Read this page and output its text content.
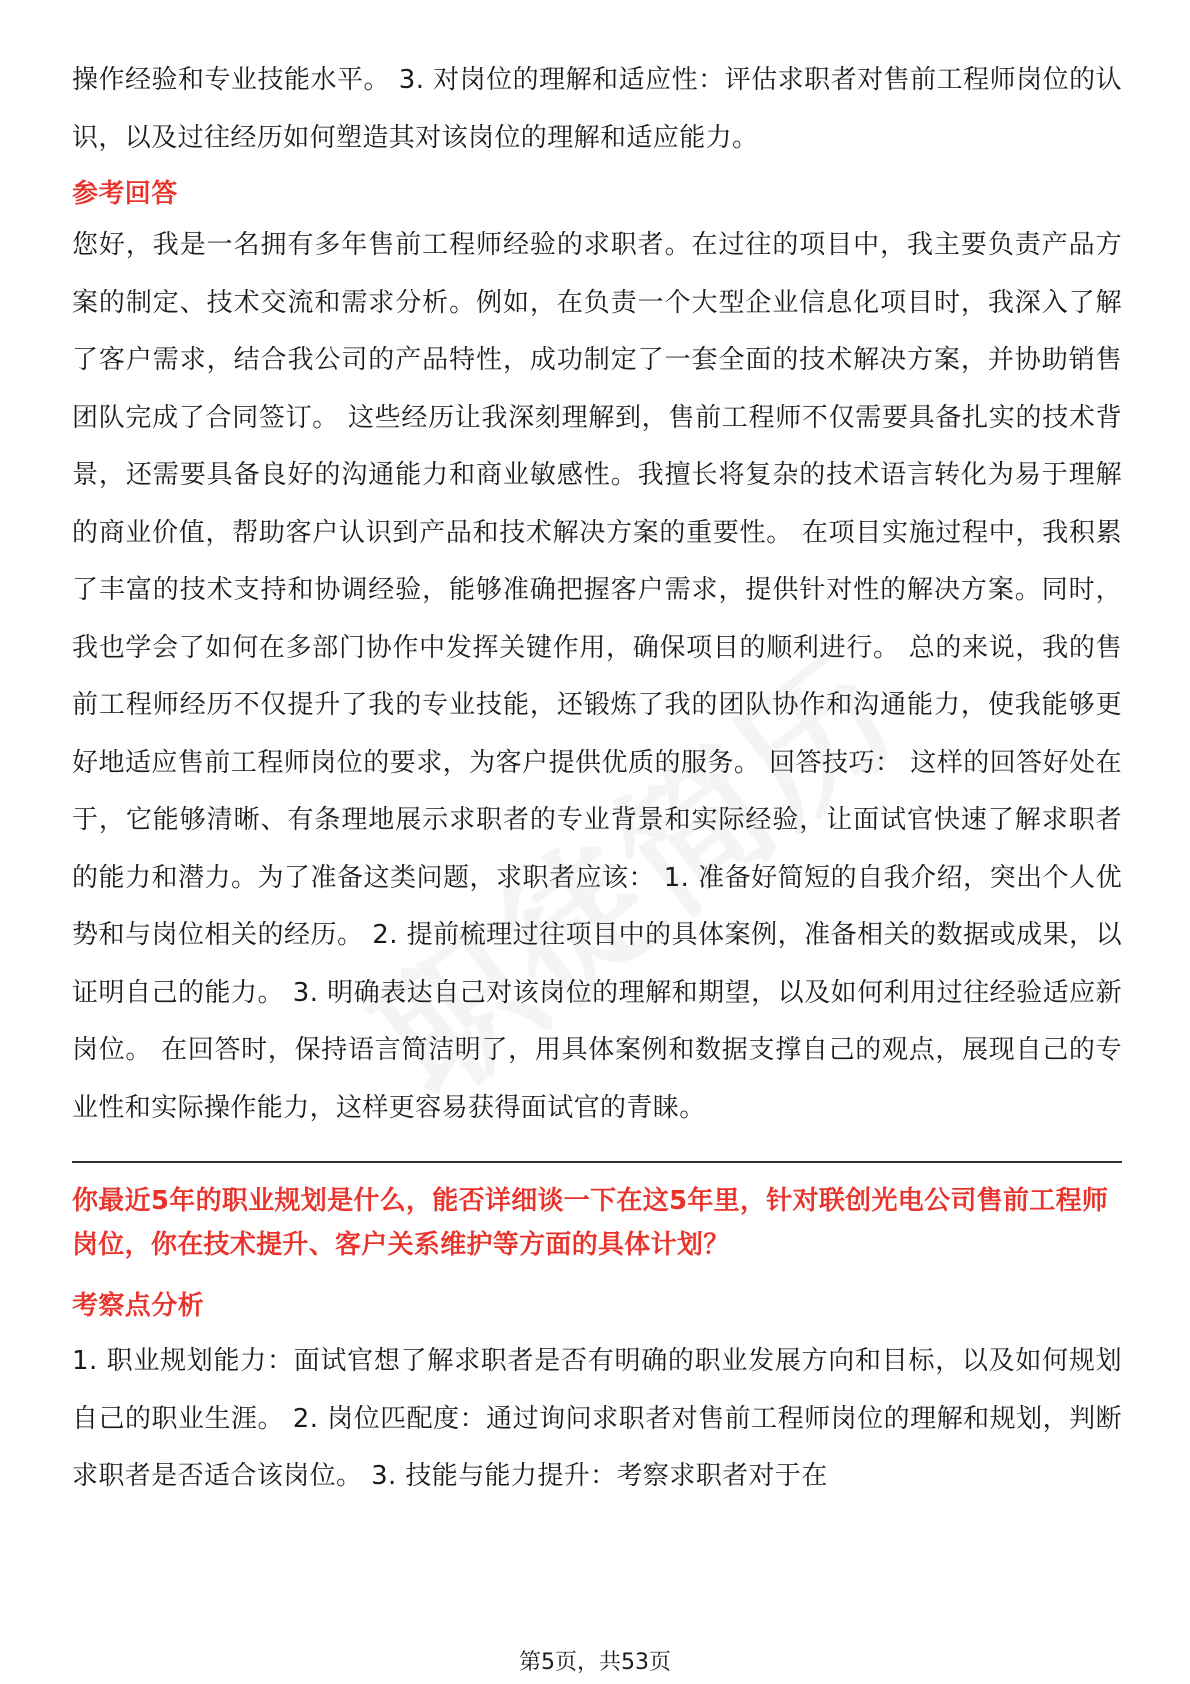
操作经验和专业技能水平。 3. 对岗位的理解和适应性：评估求职者对售前工程师岗位的认识，以及过往经历如何塑造其对该岗位的理解和适应能力。

参考回答

您好，我是一名拥有多年售前工程师经验的求职者。在过往的项目中，我主要负责产品方案的制定、技术交流和需求分析。例如，在负责一个大型企业信息化项目时，我深入了解了客户需求，结合我公司的产品特性，成功制定了一套全面的技术解决方案，并协助销售团队完成了合同签订。 这些经历让我深刻理解到，售前工程师不仅需要具备扎实的技术背景，还需要具备良好的沟通能力和商业敏感性。我擅长将复杂的技术语言转化为易于理解的商业价值，帮助客户认识到产品和技术解决方案的重要性。 在项目实施过程中，我积累了丰富的技术支持和协调经验，能够准确把握客户需求，提供针对性的解决方案。同时，我也学会了如何在多部门协作中发挥关键作用，确保项目的顺利进行。 总的来说，我的售前工程师经历不仅提升了我的专业技能，还锻炼了我的团队协作和沟通能力，使我能够更好地适应售前工程师岗位的要求，为客户提供优质的服务。 回答技巧： 这样的回答好处在于，它能够清晰、有条理地展示求职者的专业背景和实际经验，让面试官快速了解求职者的能力和潜力。为了准备这类问题，求职者应该： 1. 准备好简短的自我介绍，突出个人优势和与岗位相关的经历。 2. 提前梳理过往项目中的具体案例，准备相关的数据或成果，以证明自己的能力。 3. 明确表达自己对该岗位的理解和期望，以及如何利用过往经验适应新岗位。 在回答时，保持语言简洁明了，用具体案例和数据支撑自己的观点，展现自己的专业性和实际操作能力，这样更容易获得面试官的青睐。

你最近5年的职业规划是什么，能否详细谈一下在这5年里，针对联创光电公司售前工程师岗位，你在技术提升、客户关系维护等方面的具体计划？
考察点分析

1. 职业规划能力：面试官想了解求职者是否有明确的职业发展方向和目标，以及如何规划自己的职业生涯。 2. 岗位匹配度：通过询问求职者对售前工程师岗位的理解和规划，判断求职者是否适合该岗位。 3. 技能与能力提升：考察求职者对于在

第5页，共53页
